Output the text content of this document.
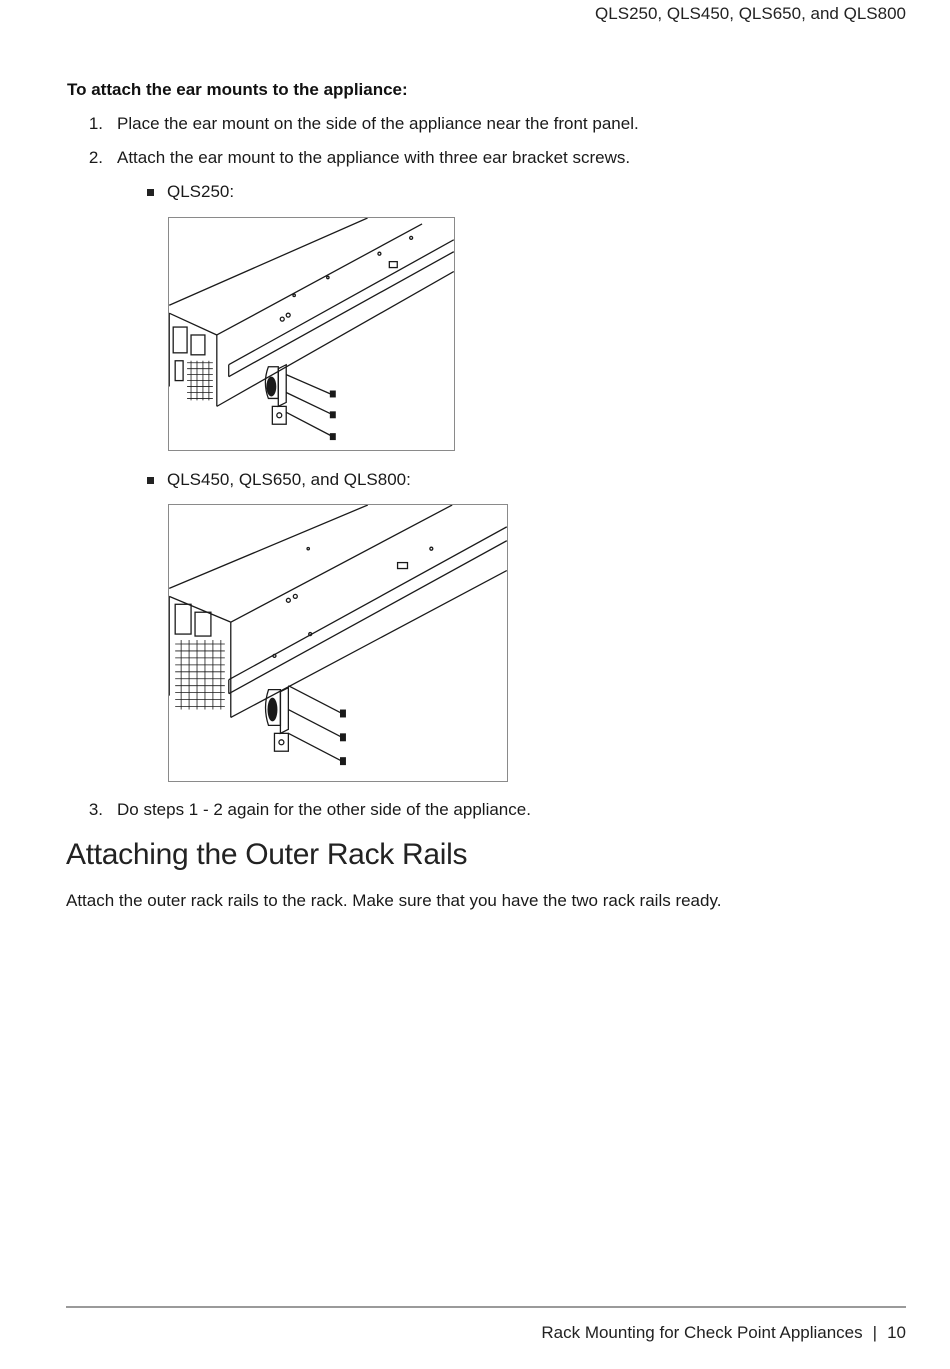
QLS250, QLS450, QLS650, and QLS800
To attach the ear mounts to the appliance:
1. Place the ear mount on the side of the appliance near the front panel.
2. Attach the ear mount to the appliance with three ear bracket screws.
QLS250:
QLS450, QLS650, and QLS800:
3. Do steps 1 - 2 again for the other side of the appliance.
Attaching the Outer Rack Rails
Attach the outer rack rails to the rack. Make sure that you have the two rack rails ready.
Rack Mounting for Check Point Appliances | 10
